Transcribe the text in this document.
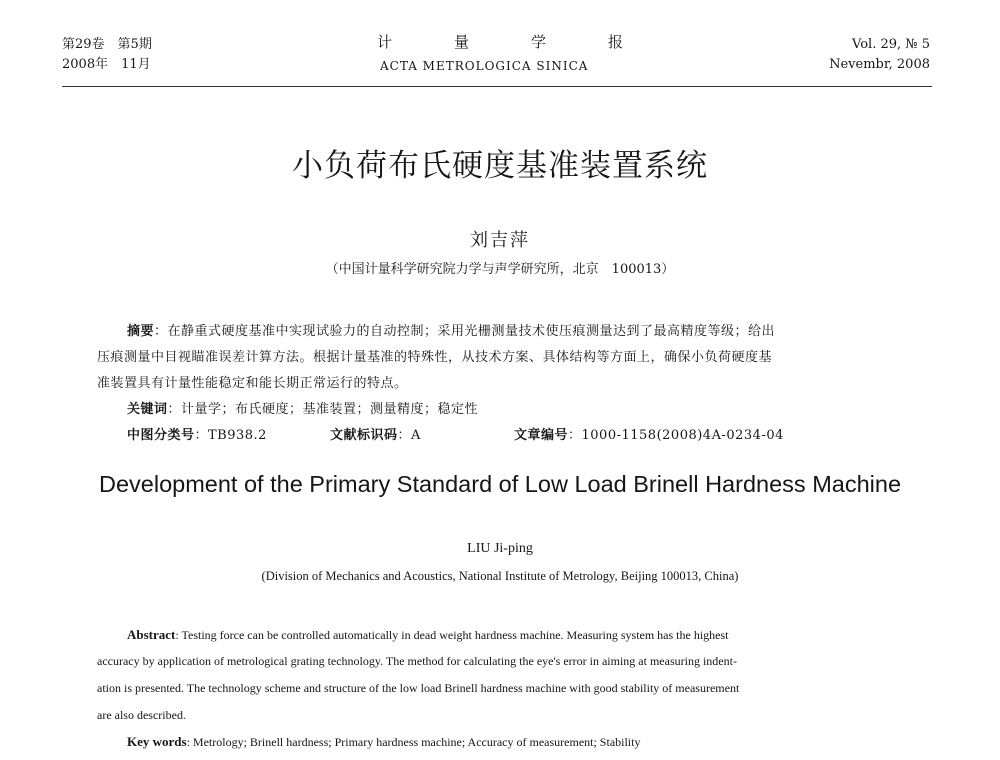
第29卷　第5期
2008年　11月
计量学报
ACTA METROLOGICA SINICA
Vol. 29, № 5
Nevembr, 2008
小负荷布氏硬度基准装置系统
刘吉萍
（中国计量科学研究院力学与声学研究所，北京　100013）
摘要：在静重式硬度基准中实现试验力的自动控制；采用光栅测量技术使压痕测量达到了最高精度等级；给出
压痕测量中目视瞄准误差计算方法。根据计量基准的特殊性，从技术方案、具体结构等方面上，确保小负荷硬度基
准装置具有计量性能稳定和能长期正常运行的特点。
关键词：计量学；布氏硬度；基准装置；测量精度；稳定性
中图分类号：TB938.2	文献标识码：A	文章编号：1000-1158(2008)4A-0234-04
Development of the Primary Standard of Low Load Brinell Hardness Machine
LIU Ji-ping
(Division of Mechanics and Acoustics, National Institute of Metrology, Beijing 100013, China)
Abstract: Testing force can be controlled automatically in dead weight hardness machine. Measuring system has the highest
accuracy by application of metrological grating technology. The method for calculating the eye's error in aiming at measuring indent-
ation is presented. The technology scheme and structure of the low load Brinell hardness machine with good stability of measurement
are also described.
Key words: Metrology; Brinell hardness; Primary hardness machine; Accuracy of measurement; Stability
